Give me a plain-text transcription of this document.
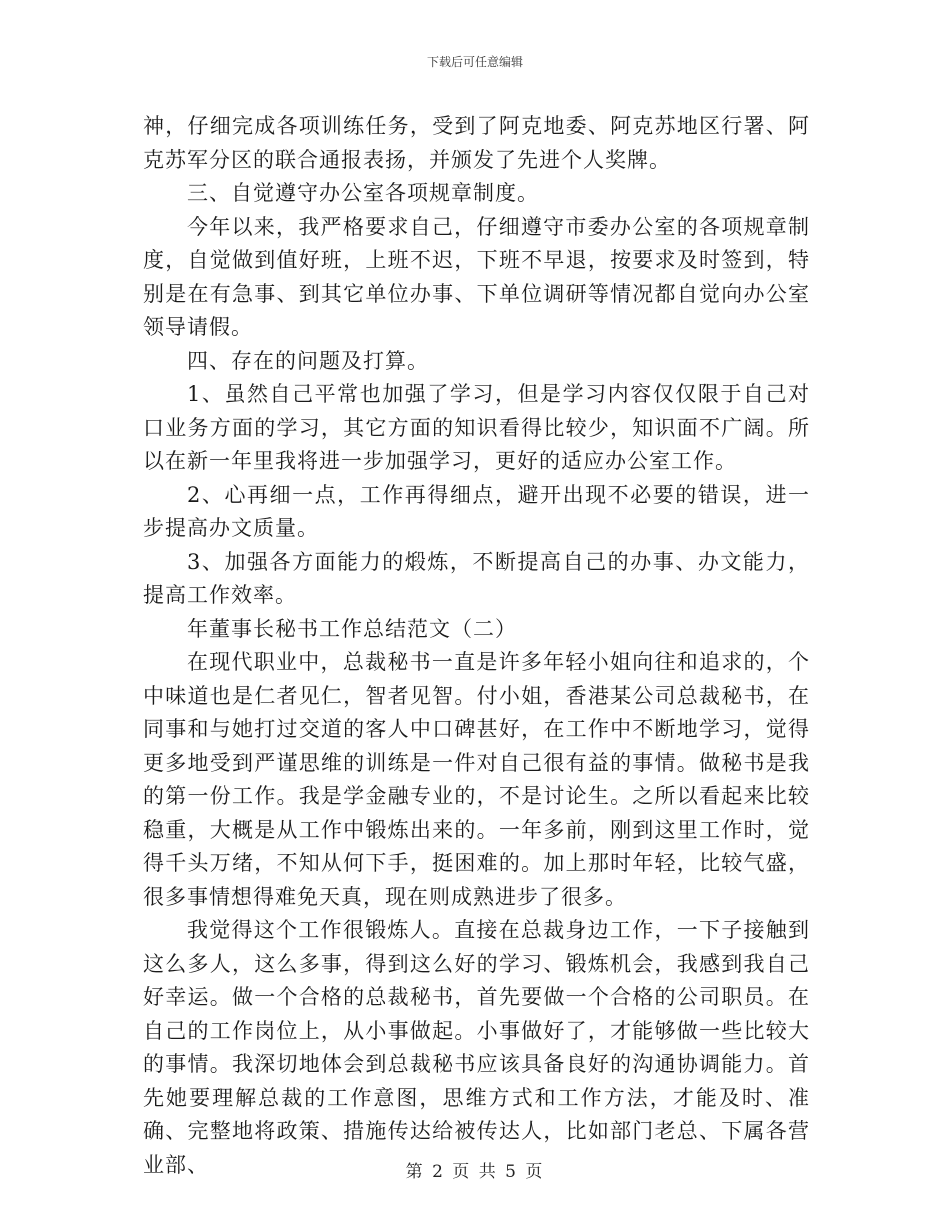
下载后可任意编辑

神，仔细完成各项训练任务，受到了阿克地委、阿克苏地区行署、阿克苏军分区的联合通报表扬，并颁发了先进个人奖牌。

三、自觉遵守办公室各项规章制度。

今年以来，我严格要求自己，仔细遵守市委办公室的各项规章制度，自觉做到值好班，上班不迟，下班不早退，按要求及时签到，特别是在有急事、到其它单位办事、下单位调研等情况都自觉向办公室领导请假。

四、存在的问题及打算。

1、虽然自己平常也加强了学习，但是学习内容仅仅限于自己对口业务方面的学习，其它方面的知识看得比较少，知识面不广阔。所以在新一年里我将进一步加强学习，更好的适应办公室工作。

2、心再细一点，工作再得细点，避开出现不必要的错误，进一步提高办文质量。

3、加强各方面能力的煅炼，不断提高自己的办事、办文能力，提高工作效率。

年董事长秘书工作总结范文（二）

在现代职业中，总裁秘书一直是许多年轻小姐向往和追求的，个中味道也是仁者见仁，智者见智。付小姐，香港某公司总裁秘书，在同事和与她打过交道的客人中口碑甚好，在工作中不断地学习，觉得更多地受到严谨思维的训练是一件对自己很有益的事情。做秘书是我的第一份工作。我是学金融专业的，不是讨论生。之所以看起来比较稳重，大概是从工作中锻炼出来的。一年多前，刚到这里工作时，觉得千头万绪，不知从何下手，挺困难的。加上那时年轻，比较气盛，很多事情想得难免天真，现在则成熟进步了很多。

我觉得这个工作很锻炼人。直接在总裁身边工作，一下子接触到这么多人，这么多事，得到这么好的学习、锻炼机会，我感到我自己好幸运。做一个合格的总裁秘书，首先要做一个合格的公司职员。在自己的工作岗位上，从小事做起。小事做好了，才能够做一些比较大的事情。我深切地体会到总裁秘书应该具备良好的沟通协调能力。首先她要理解总裁的工作意图，思维方式和工作方法，才能及时、准确、完整地将政策、措施传达给被传达人，比如部门老总、下属各营业部、	第 2 页 共 5 页
